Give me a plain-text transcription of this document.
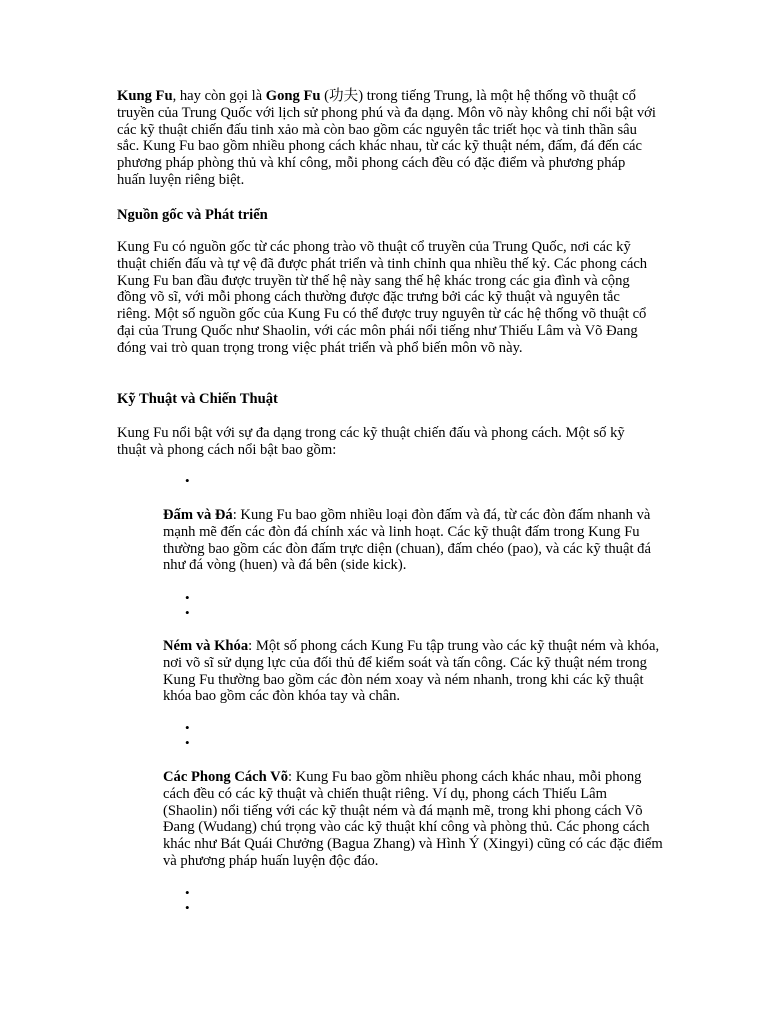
Kung Fu, hay còn gọi là Gong Fu (功夫) trong tiếng Trung, là một hệ thống võ thuật cổ truyền của Trung Quốc với lịch sử phong phú và đa dạng. Môn võ này không chỉ nổi bật với các kỹ thuật chiến đấu tinh xảo mà còn bao gồm các nguyên tắc triết học và tinh thần sâu sắc. Kung Fu bao gồm nhiều phong cách khác nhau, từ các kỹ thuật ném, đấm, đá đến các phương pháp phòng thủ và khí công, mỗi phong cách đều có đặc điểm và phương pháp huấn luyện riêng biệt.

Nguồn gốc và Phát triển

Kung Fu có nguồn gốc từ các phong trào võ thuật cổ truyền của Trung Quốc, nơi các kỹ thuật chiến đấu và tự vệ đã được phát triển và tinh chỉnh qua nhiều thế kỷ. Các phong cách Kung Fu ban đầu được truyền từ thế hệ này sang thế hệ khác trong các gia đình và cộng đồng võ sĩ, với mỗi phong cách thường được đặc trưng bởi các kỹ thuật và nguyên tắc riêng. Một số nguồn gốc của Kung Fu có thể được truy nguyên từ các hệ thống võ thuật cổ đại của Trung Quốc như Shaolin, với các môn phái nổi tiếng như Thiếu Lâm và Võ Đang đóng vai trò quan trọng trong việc phát triển và phổ biến môn võ này.

Kỹ Thuật và Chiến Thuật

Kung Fu nổi bật với sự đa dạng trong các kỹ thuật chiến đấu và phong cách. Một số kỹ thuật và phong cách nổi bật bao gồm:

•

Đấm và Đá: Kung Fu bao gồm nhiều loại đòn đấm và đá, từ các đòn đấm nhanh và mạnh mẽ đến các đòn đá chính xác và linh hoạt. Các kỹ thuật đấm trong Kung Fu thường bao gồm các đòn đấm trực diện (chuan), đấm chéo (pao), và các kỹ thuật đá như đá vòng (huen) và đá bên (side kick).

•
•

Ném và Khóa: Một số phong cách Kung Fu tập trung vào các kỹ thuật ném và khóa, nơi võ sĩ sử dụng lực của đối thủ để kiểm soát và tấn công. Các kỹ thuật ném trong Kung Fu thường bao gồm các đòn ném xoay và ném nhanh, trong khi các kỹ thuật khóa bao gồm các đòn khóa tay và chân.

•
•

Các Phong Cách Võ: Kung Fu bao gồm nhiều phong cách khác nhau, mỗi phong cách đều có các kỹ thuật và chiến thuật riêng. Ví dụ, phong cách Thiếu Lâm (Shaolin) nổi tiếng với các kỹ thuật ném và đá mạnh mẽ, trong khi phong cách Võ Đang (Wudang) chú trọng vào các kỹ thuật khí công và phòng thủ. Các phong cách khác như Bát Quái Chưởng (Bagua Zhang) và Hình Ý (Xingyi) cũng có các đặc điểm và phương pháp huấn luyện độc đáo.

•
•
